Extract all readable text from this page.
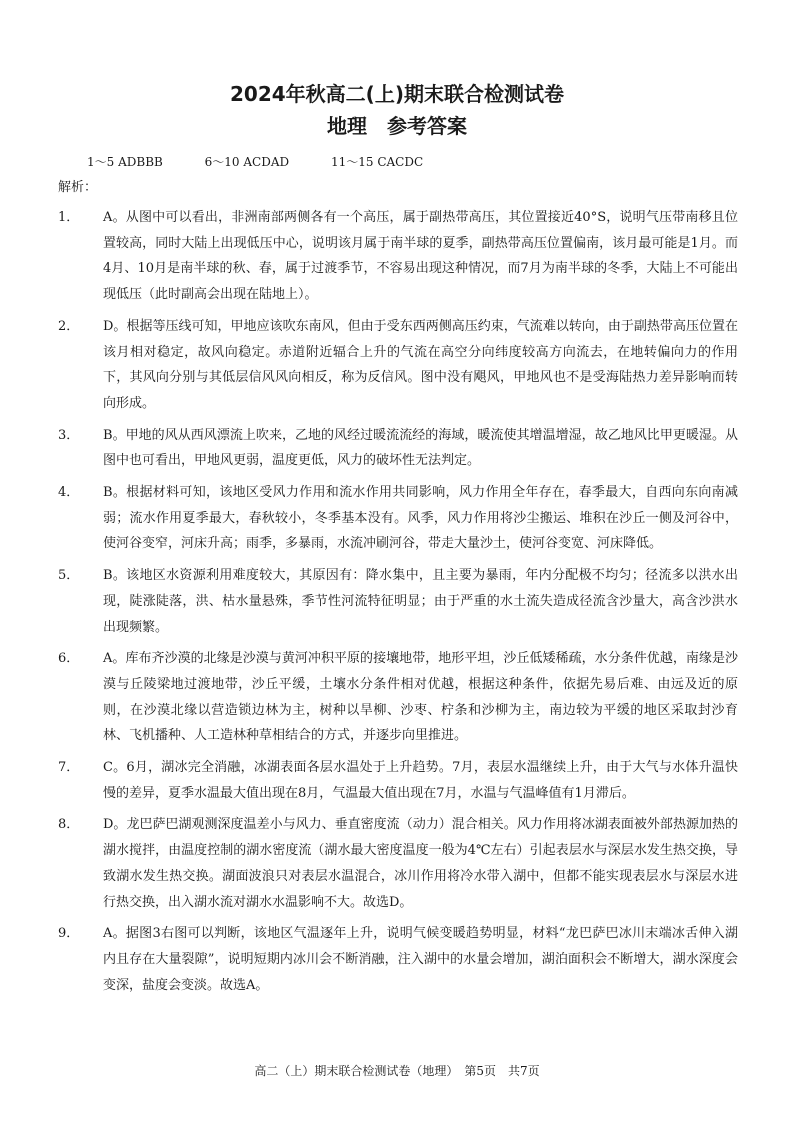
2024年秋高二(上)期末联合检测试卷
地理　参考答案
1～5 ADBBB	6～10 ACDAD	11～15 CACDC
解析：
1．	A。从图中可以看出，非洲南部两侧各有一个高压，属于副热带高压，其位置接近40°S，说明气压带南移且位置较高，同时大陆上出现低压中心，说明该月属于南半球的夏季，副热带高压位置偏南，该月最可能是1月。而4月、10月是南半球的秋、春，属于过渡季节，不容易出现这种情况，而7月为南半球的冬季，大陆上不可能出现低压（此时副高会出现在陆地上）。
2．	D。根据等压线可知，甲地应该吹东南风，但由于受东西两侧高压约束，气流难以转向，由于副热带高压位置在该月相对稳定，故风向稳定。赤道附近辐合上升的气流在高空分向纬度较高方向流去，在地转偏向力的作用下，其风向分别与其低层信风风向相反，称为反信风。图中没有飓风，甲地风也不是受海陆热力差异影响而转向形成。
3．	B。甲地的风从西风漂流上吹来，乙地的风经过暖流流经的海域，暖流使其增温增湿，故乙地风比甲更暖湿。从图中也可看出，甲地风更弱，温度更低，风力的破坏性无法判定。
4．	B。根据材料可知，该地区受风力作用和流水作用共同影响，风力作用全年存在，春季最大，自西向东向南减弱；流水作用夏季最大，春秋较小，冬季基本没有。风季，风力作用将沙尘搬运、堆积在沙丘一侧及河谷中，使河谷变窄，河床升高；雨季，多暴雨，水流冲刷河谷，带走大量沙土，使河谷变宽、河床降低。
5．	B。该地区水资源利用难度较大，其原因有：降水集中，且主要为暴雨，年内分配极不均匀；径流多以洪水出现，陡涨陡落，洪、枯水量悬殊，季节性河流特征明显；由于严重的水土流失造成径流含沙量大，高含沙洪水出现频繁。
6．	A。库布齐沙漠的北缘是沙漠与黄河冲积平原的接壤地带，地形平坦，沙丘低矮稀疏，水分条件优越，南缘是沙漠与丘陵梁地过渡地带，沙丘平缓，土壤水分条件相对优越，根据这种条件，依据先易后难、由远及近的原则，在沙漠北缘以营造锁边林为主，树种以旱柳、沙枣、柠条和沙柳为主，南边较为平缓的地区采取封沙育林、飞机播种、人工造林种草相结合的方式，并逐步向里推进。
7．	C。6月，湖冰完全消融，冰湖表面各层水温处于上升趋势。7月，表层水温继续上升，由于大气与水体升温快慢的差异，夏季水温最大值出现在8月，气温最大值出现在7月，水温与气温峰值有1月滞后。
8．	D。龙巴萨巴湖观测深度温差小与风力、垂直密度流（动力）混合相关。风力作用将冰湖表面被外部热源加热的湖水搅拌，由温度控制的湖水密度流（湖水最大密度温度一般为4℃左右）引起表层水与深层水发生热交换，导致湖水发生热交换。湖面波浪只对表层水温混合，冰川作用将冷水带入湖中，但都不能实现表层水与深层水进行热交换，出入湖水流对湖水水温影响不大。故选D。
9．	A。据图3右图可以判断，该地区气温逐年上升，说明气候变暖趋势明显，材料“龙巴萨巴冰川末端冰舌伸入湖内且存在大量裂隙”，说明短期内冰川会不断消融，注入湖中的水量会增加，湖泊面积会不断增大，湖水深度会变深，盐度会变淡。故选A。
高二（上）期末联合检测试卷（地理）　第5页　共7页
